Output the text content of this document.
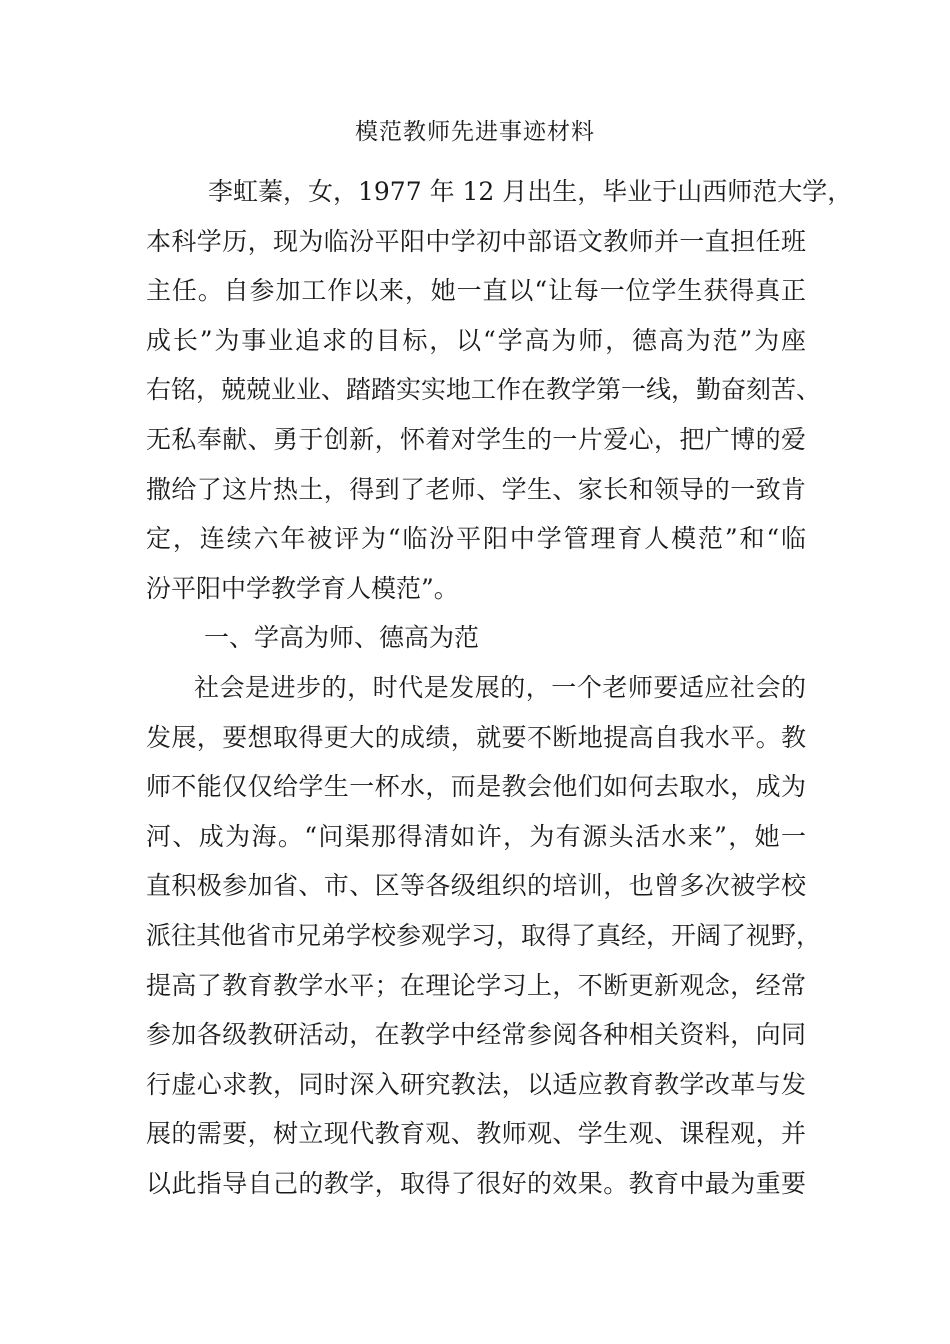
模范教师先进事迹材料
李虹蓁，女，1977 年 12 月出生，毕业于山西师范大学，
本科学历，现为临汾平阳中学初中部语文教师并一直担任班
主任。自参加工作以来，她一直以“让每一位学生获得真正
成长”为事业追求的目标，以“学高为师，德高为范”为座
右铭，兢兢业业、踏踏实实地工作在教学第一线，勤奋刻苦、
无私奉献、勇于创新，怀着对学生的一片爱心，把广博的爱
撒给了这片热土，得到了老师、学生、家长和领导的一致肯
定，连续六年被评为“临汾平阳中学管理育人模范”和“临
汾平阳中学教学育人模范”。
一、学高为师、德高为范
社会是进步的，时代是发展的，一个老师要适应社会的
发展，要想取得更大的成绩，就要不断地提高自我水平。教
师不能仅仅给学生一杯水，而是教会他们如何去取水，成为
河、成为海。“问渠那得清如许，为有源头活水来”，她一
直积极参加省、市、区等各级组织的培训，也曾多次被学校
派往其他省市兄弟学校参观学习，取得了真经，开阔了视野，
提高了教育教学水平；在理论学习上，不断更新观念，经常
参加各级教研活动，在教学中经常参阅各种相关资料，向同
行虚心求教，同时深入研究教法，以适应教育教学改革与发
展的需要，树立现代教育观、教师观、学生观、课程观，并
以此指导自己的教学，取得了很好的效果。教育中最为重要
